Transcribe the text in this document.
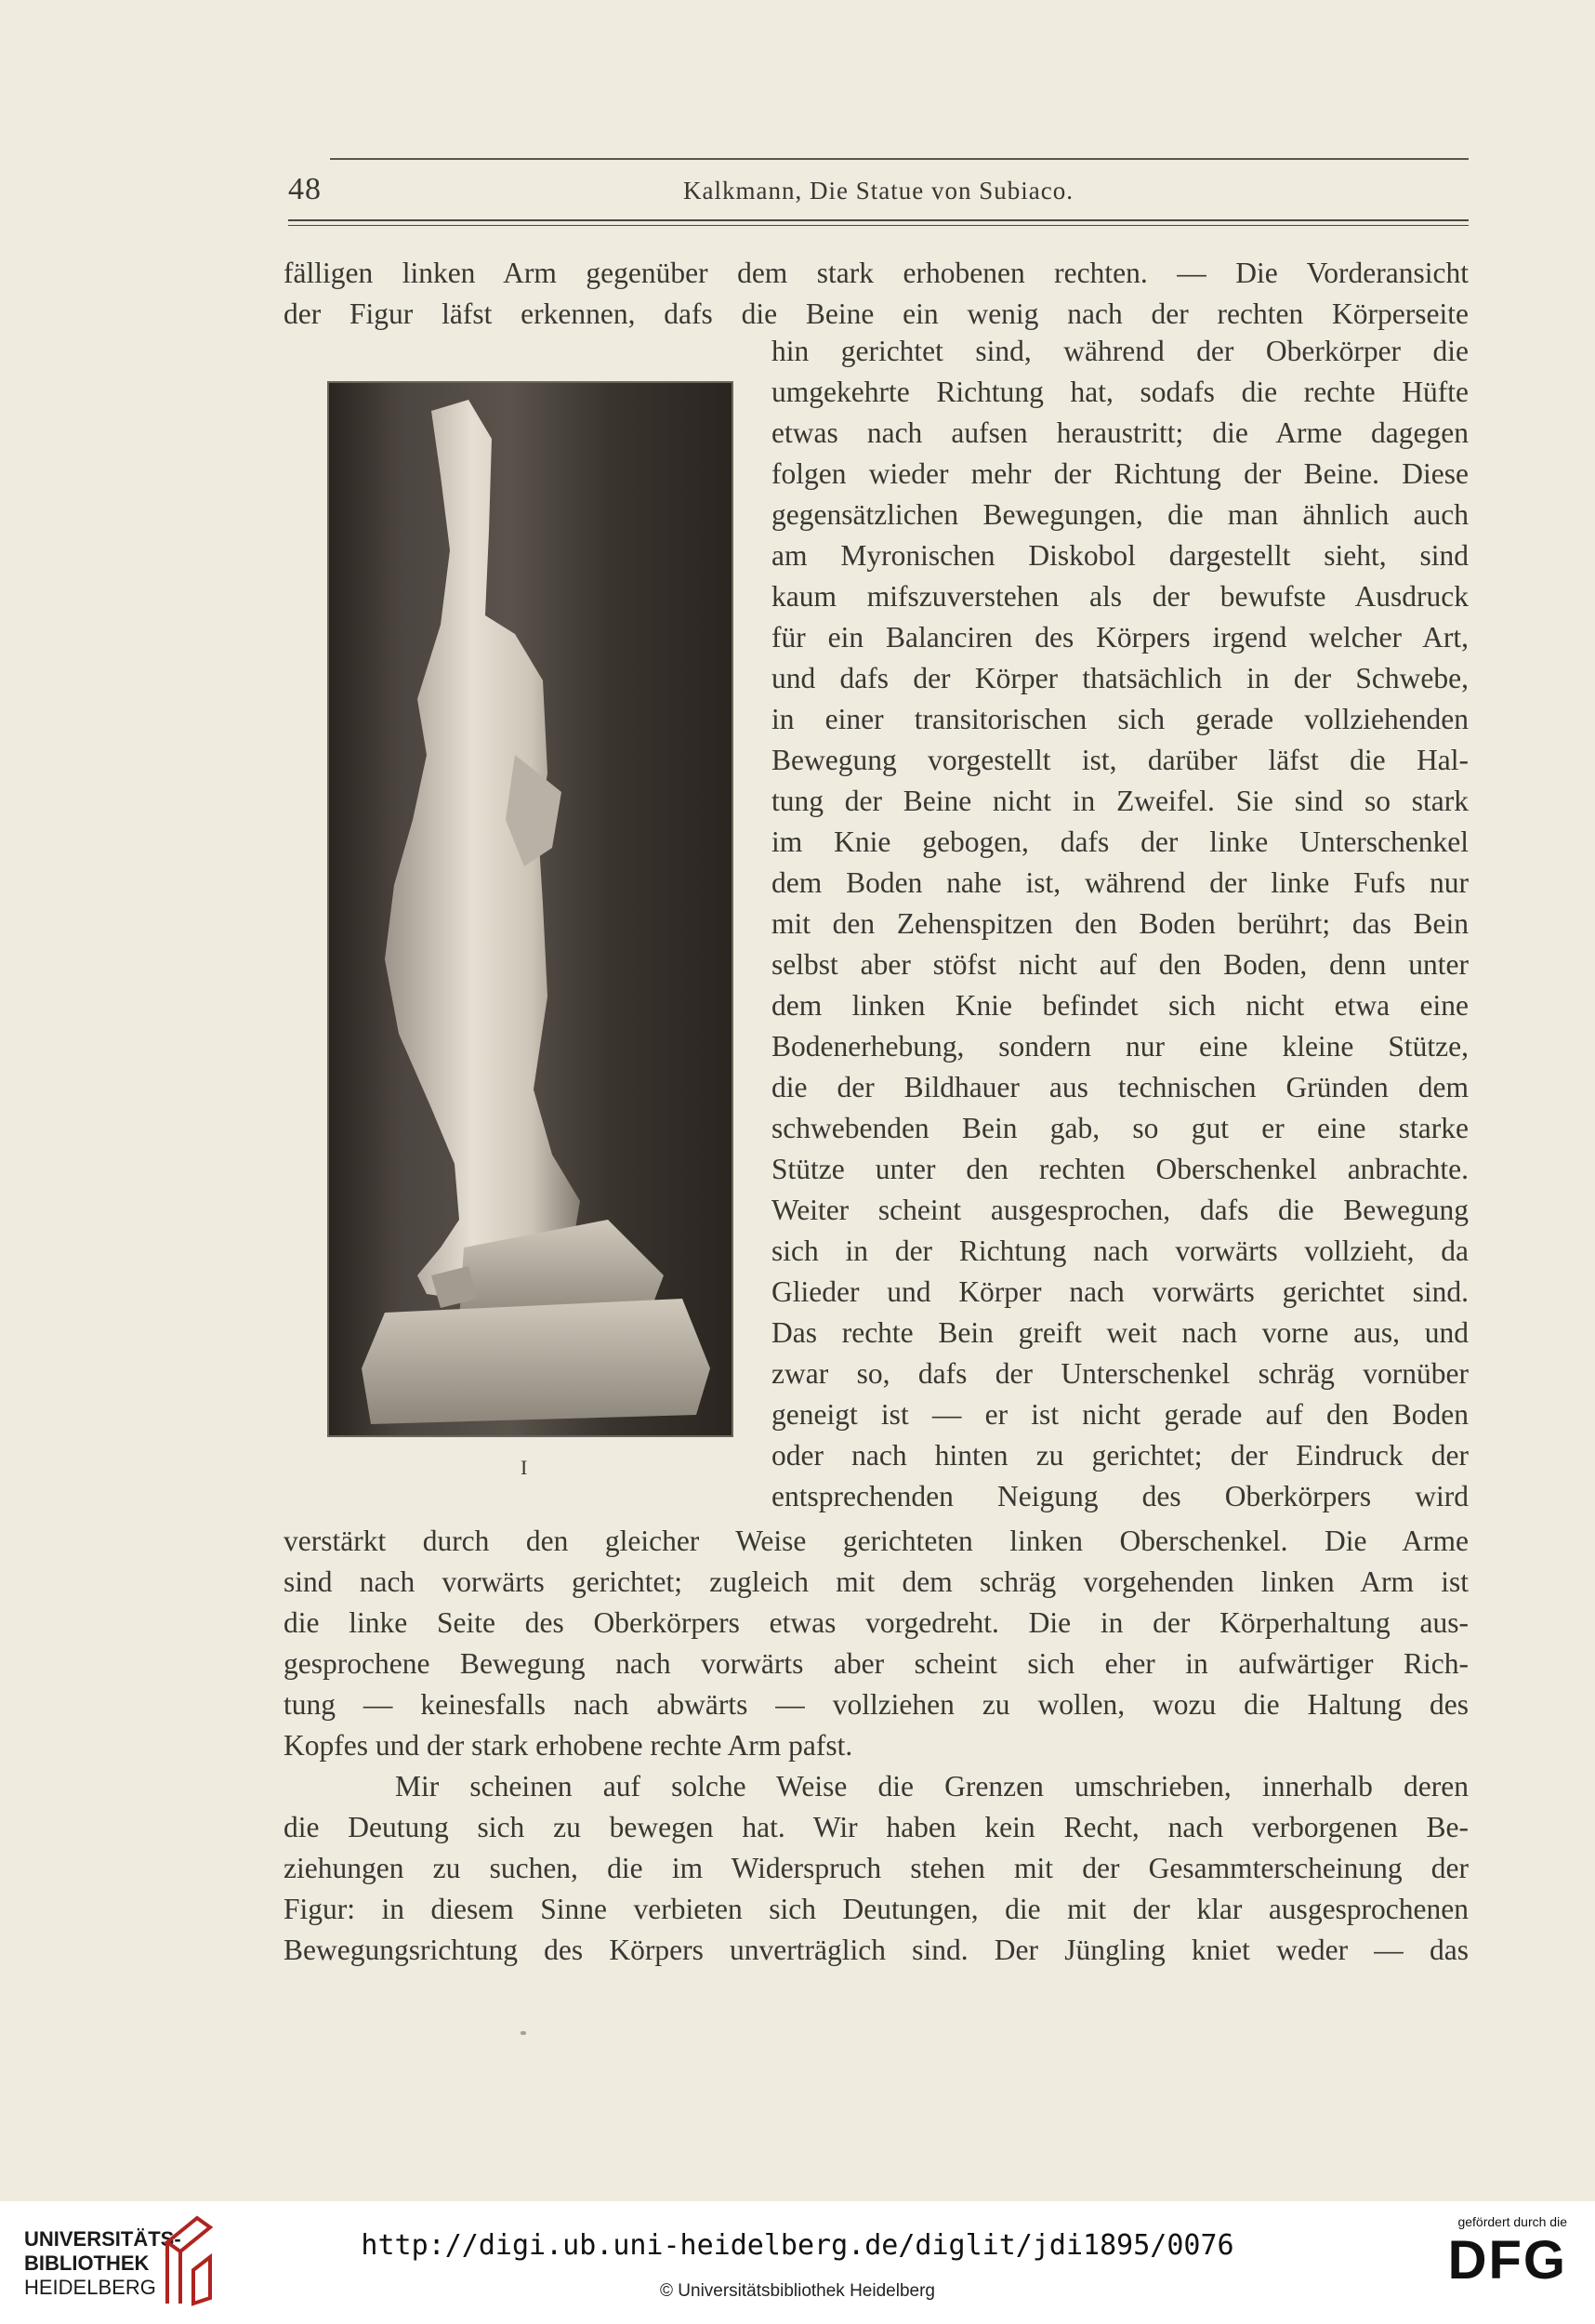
48	Kalkmann, Die Statue von Subiaco.
fälligen linken Arm gegenüber dem stark erhobenen rechten. — Die Vorderansicht
der Figur läfst erkennen, dafs die Beine ein wenig nach der rechten Körperseite
hin gerichtet sind, während der Oberkörper die
umgekehrte Richtung hat, sodafs die rechte Hüfte
etwas nach aufsen heraustritt; die Arme dagegen
folgen wieder mehr der Richtung der Beine. Diese
gegensätzlichen Bewegungen, die man ähnlich auch
am Myronischen Diskobol dargestellt sieht, sind
kaum mifszuverstehen als der bewufste Ausdruck
für ein Balanciren des Körpers irgend welcher Art,
und dafs der Körper thatsächlich in der Schwebe,
in einer transitorischen sich gerade vollziehenden
Bewegung vorgestellt ist, darüber läfst die Hal-
tung der Beine nicht in Zweifel. Sie sind so stark
im Knie gebogen, dafs der linke Unterschenkel
dem Boden nahe ist, während der linke Fufs nur
mit den Zehenspitzen den Boden berührt; das Bein
selbst aber stöfst nicht auf den Boden, denn unter
dem linken Knie befindet sich nicht etwa eine
Bodenerhebung, sondern nur eine kleine Stütze,
die der Bildhauer aus technischen Gründen dem
schwebenden Bein gab, so gut er eine starke
Stütze unter den rechten Oberschenkel anbrachte.
Weiter scheint ausgesprochen, dafs die Bewegung
sich in der Richtung nach vorwärts vollzieht, da
Glieder und Körper nach vorwärts gerichtet sind.
Das rechte Bein greift weit nach vorne aus, und
zwar so, dafs der Unterschenkel schräg vornüber
geneigt ist — er ist nicht gerade auf den Boden
oder nach hinten zu gerichtet; der Eindruck der
entsprechenden Neigung des Oberkörpers wird
I
verstärkt durch den gleicher Weise gerichteten linken Oberschenkel. Die Arme
sind nach vorwärts gerichtet; zugleich mit dem schräg vorgehenden linken Arm ist
die linke Seite des Oberkörpers etwas vorgedreht. Die in der Körperhaltung aus-
gesprochene Bewegung nach vorwärts aber scheint sich eher in aufwärtiger Rich-
tung — keinesfalls nach abwärts — vollziehen zu wollen, wozu die Haltung des
Kopfes und der stark erhobene rechte Arm pafst.
Mir scheinen auf solche Weise die Grenzen umschrieben, innerhalb deren
die Deutung sich zu bewegen hat. Wir haben kein Recht, nach verborgenen Be-
ziehungen zu suchen, die im Widerspruch stehen mit der Gesammterscheinung der
Figur: in diesem Sinne verbieten sich Deutungen, die mit der klar ausgesprochenen
Bewegungsrichtung des Körpers unverträglich sind. Der Jüngling kniet weder — das
UNIVERSITÄTS-
BIBLIOTHEK
HEIDELBERG
http://digi.ub.uni-heidelberg.de/diglit/jdi1895/0076
© Universitätsbibliothek Heidelberg
gefördert durch die
DFG
